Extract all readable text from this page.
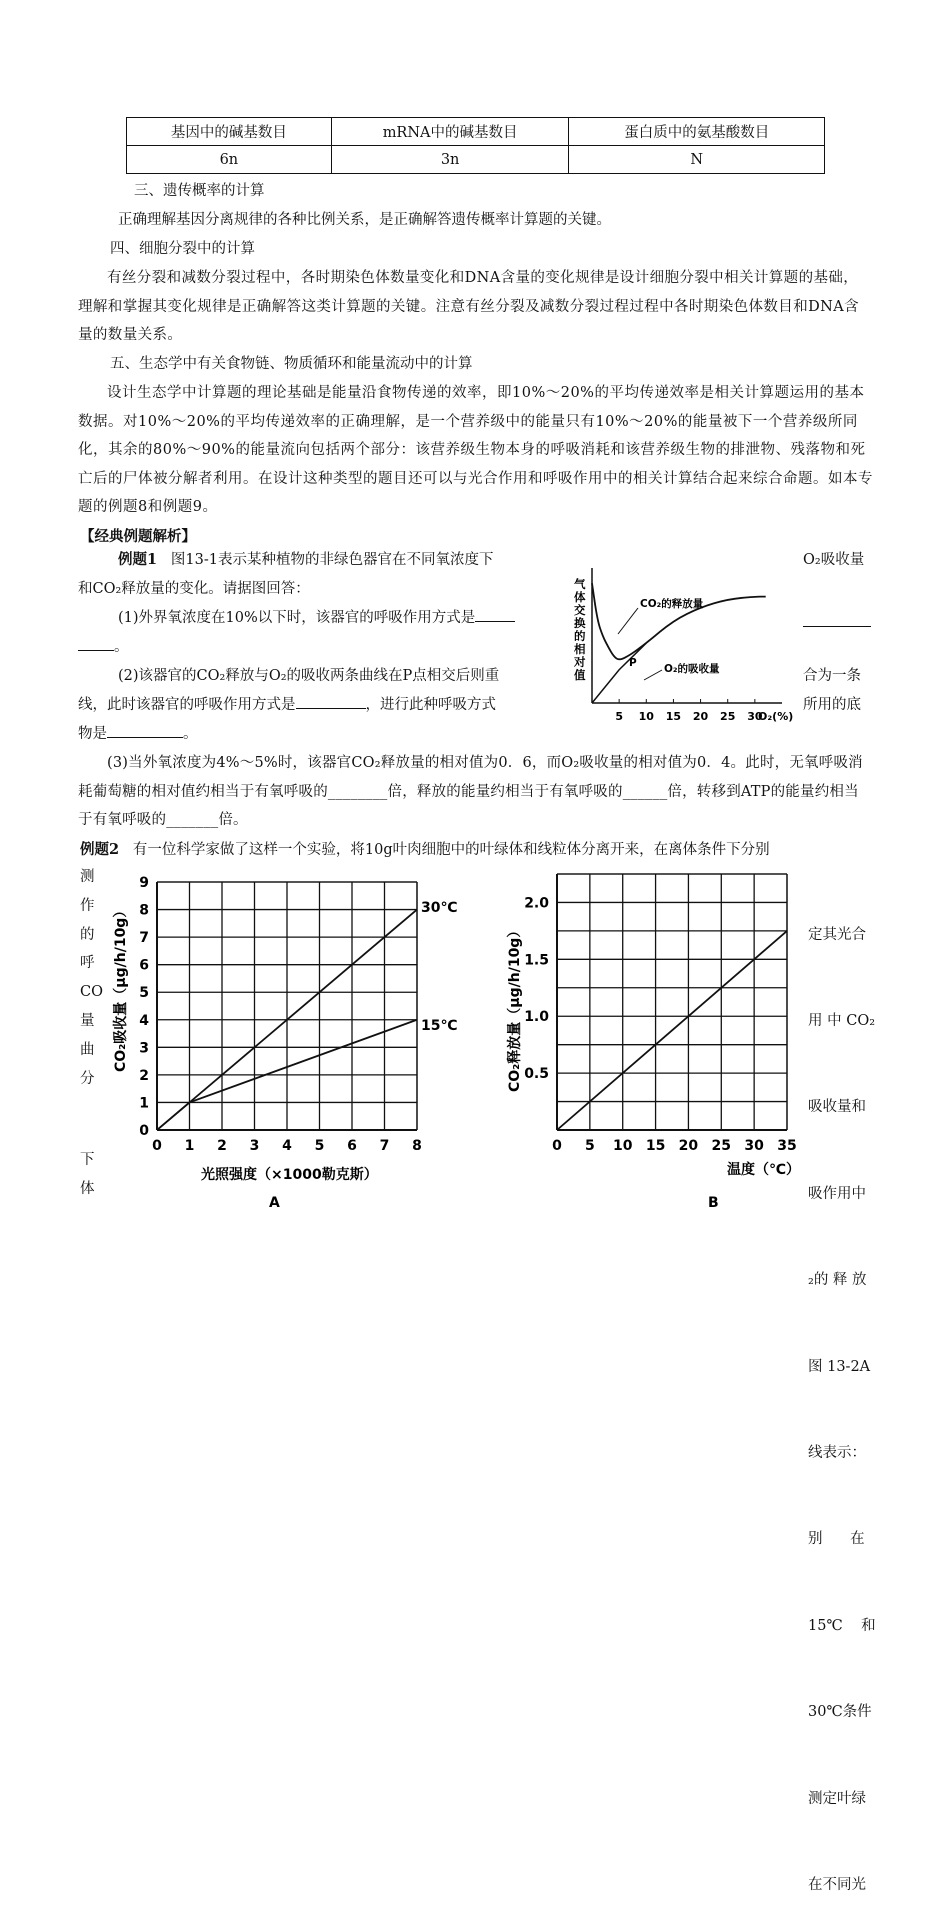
基因中的碱基数目	mRNA中的碱基数目	蛋白质中的氨基酸数目
6n	3n	N

三、遗传概率的计算

正确理解基因分离规律的各种比例关系，是正确解答遗传概率计算题的关键。

四、细胞分裂中的计算

有丝分裂和减数分裂过程中，各时期染色体数量变化和DNA含量的变化规律是设计细胞分裂中相关计算题的基础，理解和掌握其变化规律是正确解答这类计算题的关键。注意有丝分裂及减数分裂过程过程中各时期染色体数目和DNA含量的数量关系。

五、生态学中有关食物链、物质循环和能量流动中的计算

设计生态学中计算题的理论基础是能量沿食物传递的效率，即10%～20%的平均传递效率是相关计算题运用的基本数据。对10%～20%的平均传递效率的正确理解，是一个营养级中的能量只有10%～20%的能量被下一个营养级所同化，其余的80%～90%的能量流向包括两个部分：该营养级生物本身的呼吸消耗和该营养级生物的排泄物、残落物和死亡后的尸体被分解者利用。在设计这种类型的题目还可以与光合作用和呼吸作用中的相关计算结合起来综合命题。如本专题的例题8和例题9。

【经典例题解析】

例题1 图13-1表示某种植物的非绿色器官在不同氧浓度下	O₂吸收量
和CO₂释放量的变化。请据图回答：
(1)外界氧浓度在10%以下时，该器官的呼吸作用方式是
。
(2)该器官的CO₂释放与O₂的吸收两条曲线在P点相交后则重	合为一条
线，此时该器官的呼吸作用方式是	，进行此种呼吸方式	所用的底
物是	。

(3)当外氧浓度为4%～5%时，该器官CO₂释放量的相对值为0．6，而O₂吸收量的相对值为0．4。此时，无氧呼吸消耗葡萄糖的相对值约相当于有氧呼吸的________倍，释放的能量约相当于有氧呼吸的______倍，转移到ATP的能量约相当于有氧呼吸的_______倍。

5 10 15 20 25 30
气体交换的相对值
O₂(%)
CO₂的释放量
O₂的吸收量
P
例题2 有一位科学家做了这样一个实验，将10g叶肉细胞中的叶绿体和线粒体分离开来，在离体条件下分别
测
作
的
呼
CO
量
曲
分
下
体

定其光合

用 中 CO₂

吸收量和

吸作用中

₂的 释 放

图 13-2A

线表示：

别      在

15℃    和

30℃条件

测定叶绿

在不同光

0 1 2 3 4 5 6 7 8
0
1
2
3
4
5
6
7
8
9
30℃
15℃
光照强度（×1000勒克斯）
CO₂吸收量（μg/h/10g）
A
0 5 10 15 20 25 30 35
0.5
1.0
1.5
2.0
温度（℃）
CO₂释放量（μg/h/10g）
B
